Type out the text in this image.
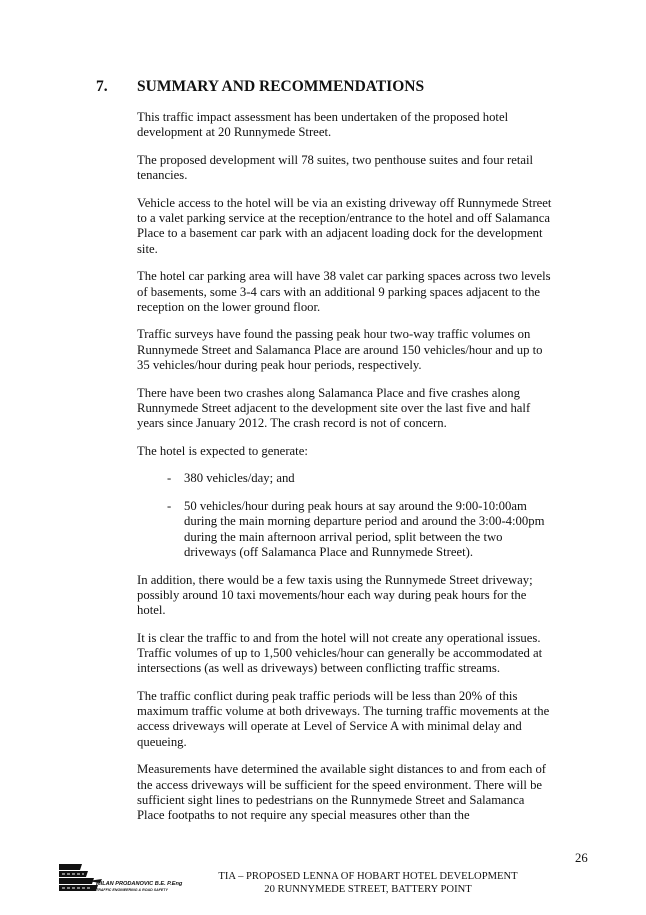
7. SUMMARY AND RECOMMENDATIONS

This traffic impact assessment has been undertaken of the proposed hotel development at 20 Runnymede Street.

The proposed development will 78 suites, two penthouse suites and four retail tenancies.

Vehicle access to the hotel will be via an existing driveway off Runnymede Street to a valet parking service at the reception/entrance to the hotel and off Salamanca Place to a basement car park with an adjacent loading dock for the development site.

The hotel car parking area will have 38 valet car parking spaces across two levels of basements, some 3-4 cars with an additional 9 parking spaces adjacent to the reception on the lower ground floor.

Traffic surveys have found the passing peak hour two-way traffic volumes on Runnymede Street and Salamanca Place are around 150 vehicles/hour and up to 35 vehicles/hour during peak hour periods, respectively.

There have been two crashes along Salamanca Place and five crashes along Runnymede Street adjacent to the development site over the last five and half years since January 2012. The crash record is not of concern.

The hotel is expected to generate:

- 380 vehicles/day; and
- 50 vehicles/hour during peak hours at say around the 9:00-10:00am during the main morning departure period and around the 3:00-4:00pm during the main afternoon arrival period, split between the two driveways (off Salamanca Place and Runnymede Street).

In addition, there would be a few taxis using the Runnymede Street driveway; possibly around 10 taxi movements/hour each way during peak hours for the hotel.

It is clear the traffic to and from the hotel will not create any operational issues. Traffic volumes of up to 1,500 vehicles/hour can generally be accommodated at intersections (as well as driveways) between conflicting traffic streams.

The traffic conflict during peak traffic periods will be less than 20% of this maximum traffic volume at both driveways. The turning traffic movements at the access driveways will operate at Level of Service A with minimal delay and queueing.

Measurements have determined the available sight distances to and from each of the access driveways will be sufficient for the speed environment. There will be sufficient sight lines to pedestrians on the Runnymede Street and Salamanca Place footpaths to not require any special measures other than the

26
MILAN PRODANOVIC B.E. P.Eng
TRAFFIC ENGINEERING & ROAD SAFETY
TIA – PROPOSED LENNA OF HOBART HOTEL DEVELOPMENT
20 RUNNYMEDE STREET, BATTERY POINT
